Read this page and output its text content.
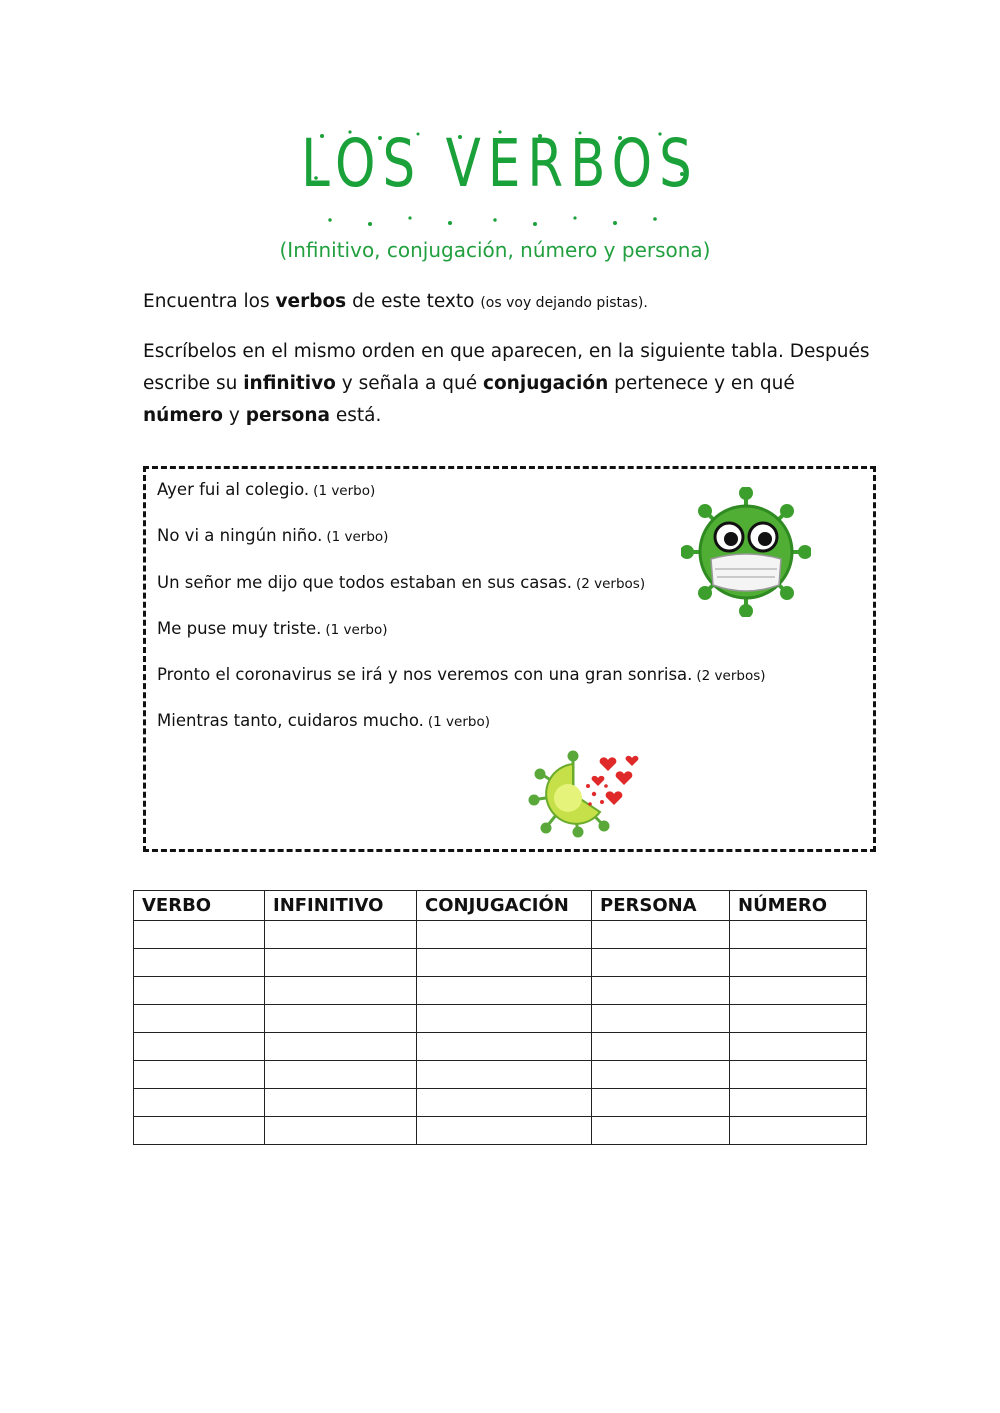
LOS VERBOS
(Infinitivo, conjugación, número y persona)
Encuentra los verbos de este texto (os voy dejando pistas).
Escríbelos en el mismo orden en que aparecen, en la siguiente tabla. Después escribe su infinitivo y señala a qué conjugación pertenece y en qué número y persona está.
Ayer fui al colegio. (1 verbo)
No vi a ningún niño. (1 verbo)
Un señor me dijo que todos estaban en sus casas. (2 verbos)
Me puse muy triste. (1 verbo)
Pronto el coronavirus se irá y nos veremos con una gran sonrisa. (2 verbos)
Mientras tanto, cuidaros mucho. (1 verbo)
VERBO	INFINITIVO	CONJUGACIÓN	PERSONA	NÚMERO
